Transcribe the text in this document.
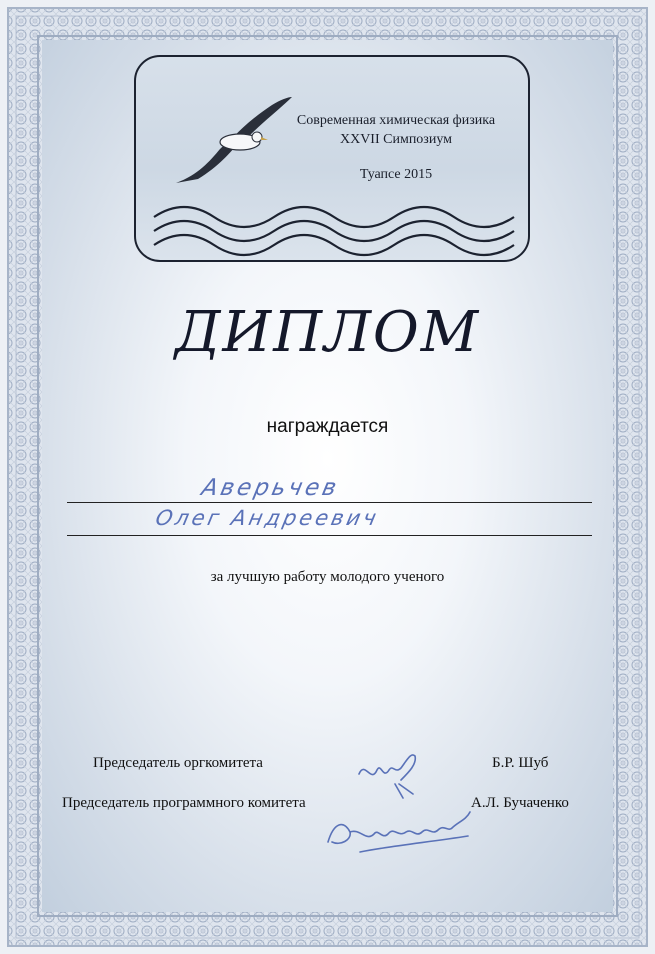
Современная химическая физика
XXVII Симпозиум
Туапсе 2015
ДИПЛОМ
награждается
Аверьчев
Олег Андреевич
за лучшую работу молодого ученого
Председатель оргкомитета	Б.Р. Шуб
Председатель программного комитета	А.Л. Бучаченко
